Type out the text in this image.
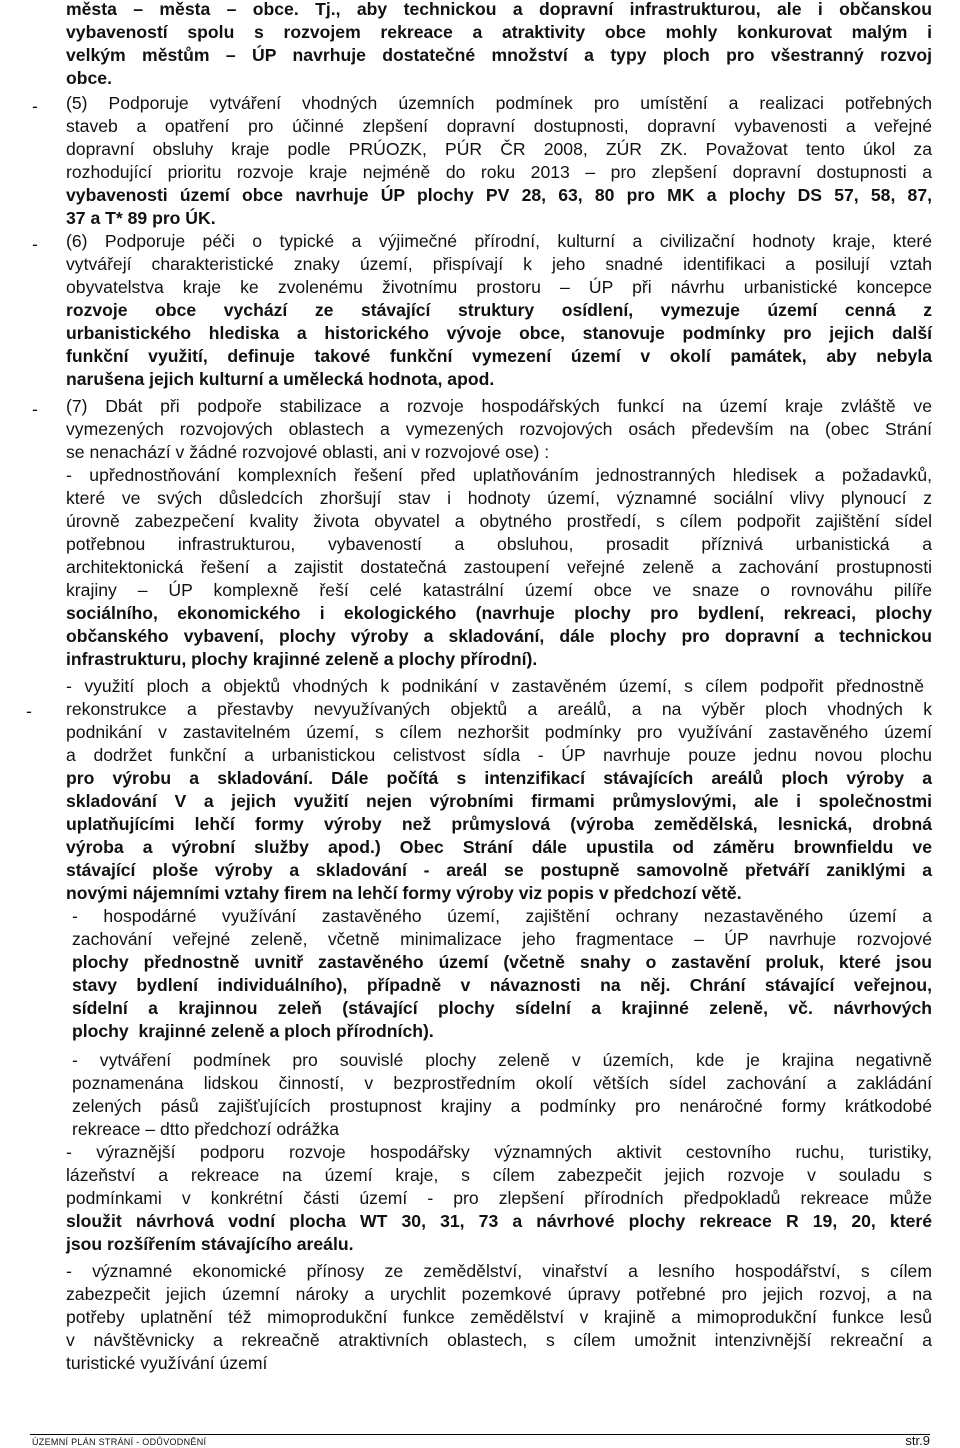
-
-
-
-
ÚZEMNÍ PLÁN STRÁNÍ - ODŮVODNĚNÍ	str.9
města – města – obce. Tj., aby technickou a dopravní infrastrukturou, ale i občanskou
vybaveností spolu s rozvojem rekreace a atraktivity obce mohly konkurovat malým i
velkým městům – ÚP navrhuje dostatečné množství a typy ploch pro všestranný rozvoj
obce.
(5) Podporuje vytváření vhodných územních podmínek pro umístění a realizaci potřebných
staveb a opatření pro účinné zlepšení dopravní dostupnosti, dopravní vybavenosti a veřejné
dopravní obsluhy kraje podle PRÚOZK, PÚR ČR 2008, ZÚR ZK. Považovat tento úkol za
rozhodující prioritu rozvoje kraje nejméně do roku 2013 – pro zlepšení dopravní dostupnosti a
vybavenosti území obce navrhuje ÚP plochy PV 28, 63, 80 pro MK a plochy DS 57, 58, 87,
37 a T* 89 pro ÚK.
(6) Podporuje péči o typické a výjimečné přírodní, kulturní a civilizační hodnoty kraje, které
vytvářejí charakteristické znaky území, přispívají k jeho snadné identifikaci a posilují vztah
obyvatelstva kraje ke zvolenému životnímu prostoru – ÚP při návrhu urbanistické koncepce
rozvoje obce vychází ze stávající struktury osídlení, vymezuje území cenná z
urbanistického hlediska a historického vývoje obce, stanovuje podmínky pro jejich další
funkční využití, definuje takové funkční vymezení území v okolí památek, aby nebyla
narušena jejich kulturní a umělecká hodnota, apod.
(7) Dbát při podpoře stabilizace a rozvoje hospodářských funkcí na území kraje zvláště ve
vymezených rozvojových oblastech a vymezených rozvojových osách především na (obec Strání
se nenachází v žádné rozvojové oblasti, ani v rozvojové ose) :
- upřednostňování komplexních řešení před uplatňováním jednostranných hledisek a požadavků,
které ve svých důsledcích zhoršují stav i hodnoty území, významné sociální vlivy plynoucí z
úrovně zabezpečení kvality života obyvatel a obytného prostředí, s cílem podpořit zajištění sídel
potřebnou infrastrukturou, vybaveností a obsluhou, prosadit příznivá urbanistická a
architektonická řešení a zajistit dostatečná zastoupení veřejné zeleně a zachování prostupnosti
krajiny – ÚP komplexně řeší celé katastrální území obce ve snaze o rovnováhu pilíře
sociálního, ekonomického i ekologického (navrhuje plochy pro bydlení, rekreaci, plochy
občanského vybavení, plochy výroby a skladování, dále plochy pro dopravní a technickou
infrastrukturu, plochy krajinné zeleně a plochy přírodní).
- využití ploch a objektů vhodných k podnikání v zastavěném území, s cílem podpořit přednostně
rekonstrukce a přestavby nevyužívaných objektů a areálů, a na výběr ploch vhodných k
podnikání v zastavitelném území, s cílem nezhoršit podmínky pro využívání zastavěného území
a dodržet funkční a urbanistickou celistvost sídla - ÚP navrhuje pouze jednu novou plochu
pro výrobu a skladování. Dále počítá s intenzifikací stávajících areálů ploch výroby a
skladování V a jejich využití nejen výrobními firmami průmyslovými, ale i společnostmi
uplatňujícími lehčí formy výroby než průmyslová (výroba zemědělská, lesnická, drobná
výroba a výrobní služby apod.) Obec Strání dále upustila od záměru brownfieldu ve
stávající ploše výroby a skladování - areál se postupně samovolně přetváří zaniklými a
novými nájemními vztahy firem na lehčí formy výroby viz popis v předchozí větě.
- hospodárné využívání zastavěného území, zajištění ochrany nezastavěného území a
zachování veřejné zeleně, včetně minimalizace jeho fragmentace – ÚP navrhuje rozvojové
plochy přednostně uvnitř zastavěného území (včetně snahy o zastavění proluk, které jsou
stavy bydlení individuálního), případně v návaznosti na něj. Chrání stávající veřejnou,
sídelní a krajinnou zeleň (stávající plochy sídelní a krajinné zeleně, vč. návrhových
plochy  krajinné zeleně a ploch přírodních).
- vytváření podmínek pro souvislé plochy zeleně v územích, kde je krajina negativně
poznamenána lidskou činností, v bezprostředním okolí větších sídel zachování a zakládání
zelených pásů zajišťujících prostupnost krajiny a podmínky pro nenáročné formy krátkodobé
rekreace – dtto předchozí odrážka
- výraznější podporu rozvoje hospodářsky významných aktivit cestovního ruchu, turistiky,
lázeňství a rekreace na území kraje, s cílem zabezpečit jejich rozvoje v souladu s
podmínkami v konkrétní části území - pro zlepšení přírodních předpokladů rekreace může
sloužit návrhová vodní plocha WT 30, 31, 73 a návrhové plochy rekreace R 19, 20, které
jsou rozšířením stávajícího areálu.
- významné ekonomické přínosy ze zemědělství, vinařství a lesního hospodářství, s cílem
zabezpečit jejich územní nároky a urychlit pozemkové úpravy potřebné pro jejich rozvoj, a na
potřeby uplatnění též mimoprodukční funkce zemědělství v krajině a mimoprodukční funkce lesů
v návštěvnicky a rekreačně atraktivních oblastech, s cílem umožnit intenzivnější rekreační a
turistické využívání území
